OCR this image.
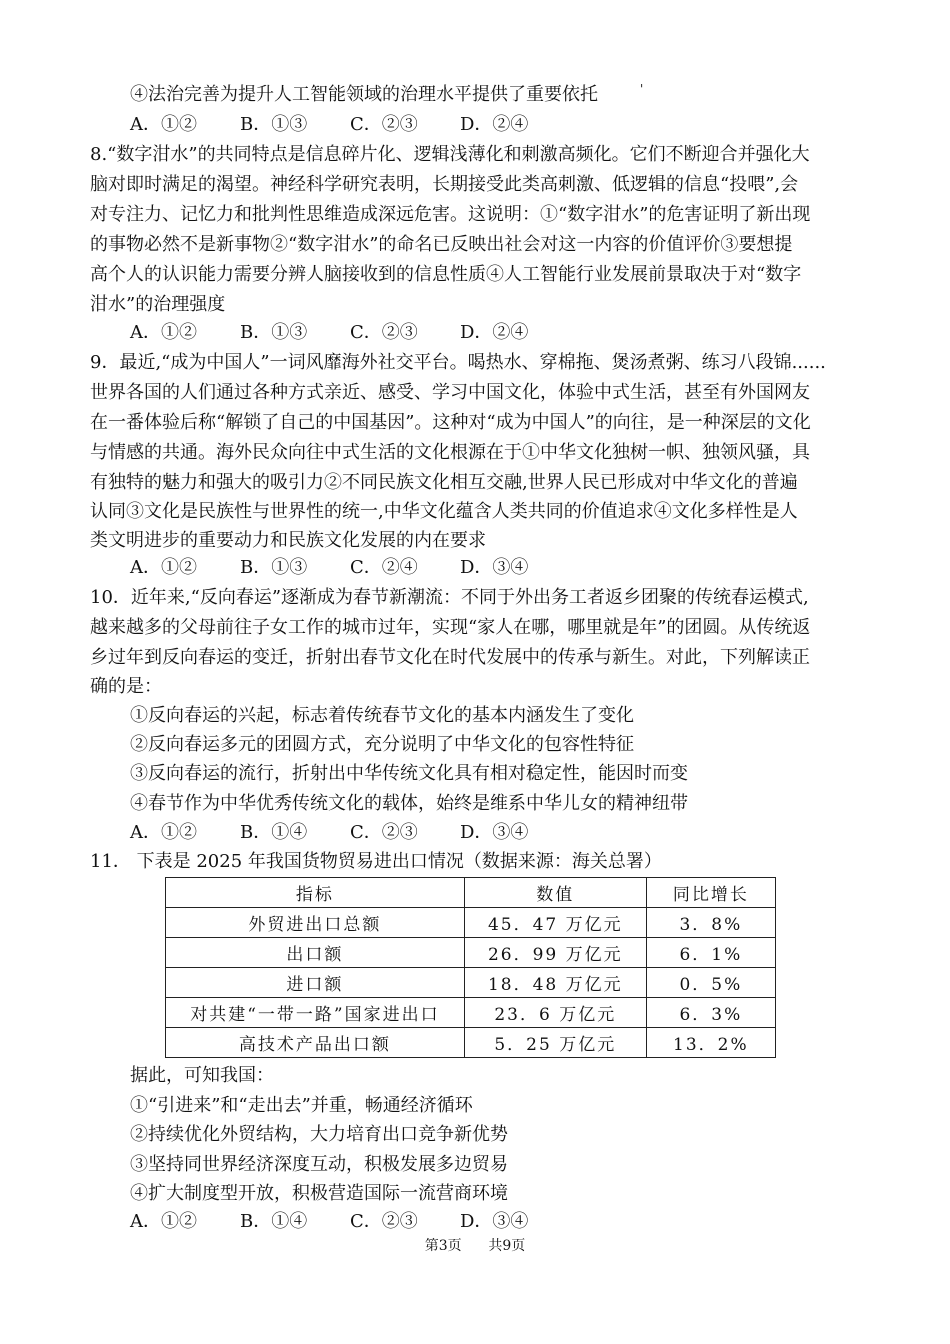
④法治完善为提升人工智能领域的治理水平提供了重要依托	'
A．①② B．①③ C．②③ D．②④
8.“数字泔水”的共同特点是信息碎片化、逻辑浅薄化和刺激高频化。它们不断迎合并强化大
脑对即时满足的渴望。神经科学研究表明，长期接受此类高刺激、低逻辑的信息“投喂”,会
对专注力、记忆力和批判性思维造成深远危害。这说明：①“数字泔水”的危害证明了新出现
的事物必然不是新事物②“数字泔水”的命名已反映出社会对这一内容的价值评价③要想提
高个人的认识能力需要分辨人脑接收到的信息性质④人工智能行业发展前景取决于对“数字
泔水”的治理强度
A．①② B．①③ C．②③ D．②④
9．最近,“成为中国人”一词风靡海外社交平台。喝热水、穿棉拖、煲汤煮粥、练习八段锦......
世界各国的人们通过各种方式亲近、感受、学习中国文化，体验中式生活，甚至有外国网友
在一番体验后称“解锁了自己的中国基因”。这种对“成为中国人”的向往，是一种深层的文化
与情感的共通。海外民众向往中式生活的文化根源在于①中华文化独树一帜、独领风骚，具
有独特的魅力和强大的吸引力②不同民族文化相互交融,世界人民已形成对中华文化的普遍
认同③文化是民族性与世界性的统一,中华文化蕴含人类共同的价值追求④文化多样性是人
类文明进步的重要动力和民族文化发展的内在要求
A．①② B．①③ C．②④ D．③④
10．近年来,“反向春运”逐渐成为春节新潮流：不同于外出务工者返乡团聚的传统春运模式,
越来越多的父母前往子女工作的城市过年，实现“家人在哪，哪里就是年”的团圆。从传统返
乡过年到反向春运的变迁，折射出春节文化在时代发展中的传承与新生。对此，下列解读正
确的是：
①反向春运的兴起，标志着传统春节文化的基本内涵发生了变化
②反向春运多元的团圆方式，充分说明了中华文化的包容性特征
③反向春运的流行，折射出中华传统文化具有相对稳定性，能因时而变
④春节作为中华优秀传统文化的载体，始终是维系中华儿女的精神纽带
A．①② B．①④ C．②③ D．③④
11． 下表是 2025 年我国货物贸易进出口情况（数据来源：海关总署）
指标	数值	同比增长
外贸进出口总额	45．47 万亿元	3．8%
出口额	26．99 万亿元	6．1%
进口额	18．48 万亿元	0．5%
对共建“一带一路”国家进出口	23．6 万亿元	6．3%
高技术产品出口额	5．25 万亿元	13．2%
据此，可知我国：
①“引进来”和“走出去”并重，畅通经济循环
②持续优化外贸结构，大力培育出口竞争新优势
③坚持同世界经济深度互动，积极发展多边贸易
④扩大制度型开放，积极营造国际一流营商环境
A．①② B．①④ C．②③ D．③④
第3页 共9页
